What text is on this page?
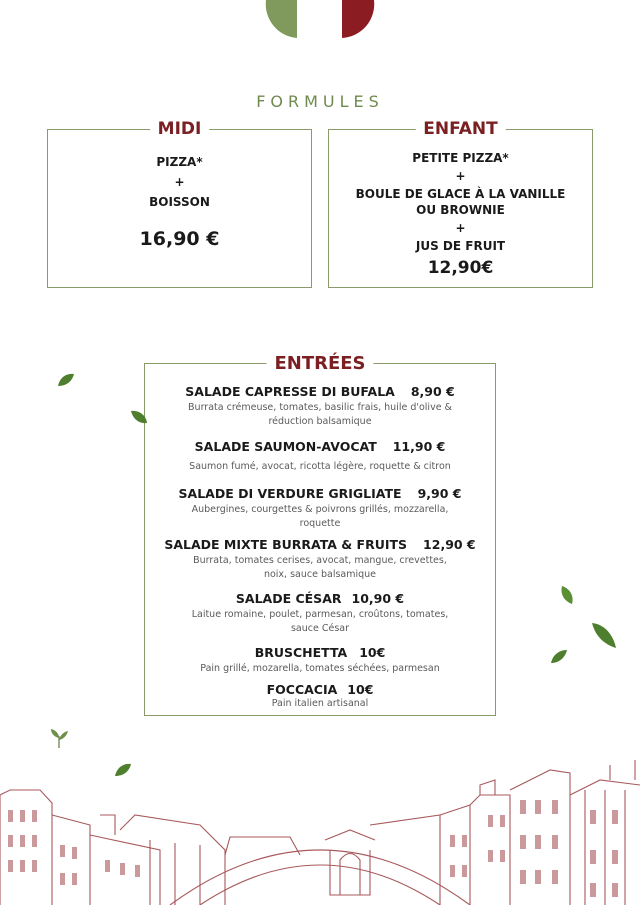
FORMULES
MIDI
PIZZA*
+
BOISSON
16,90 €
ENFANT
PETITE PIZZA*
+
BOULE DE GLACE À LA VANILLE OU BROWNIE
+
JUS DE FRUIT
12,90€
ENTRÉES
SALADE CAPRESSE DI BUFALA 8,90 €
Burrata crémeuse, tomates, basilic frais, huile d'olive & réduction balsamique
SALADE SAUMON-AVOCAT 11,90 €
Saumon fumé, avocat, ricotta légère, roquette & citron
SALADE DI VERDURE GRIGLIATE 9,90 €
Aubergines, courgettes & poivrons grillés, mozzarella, roquette
SALADE MIXTE BURRATA & FRUITS 12,90 €
Burrata, tomates cerises, avocat, mangue, crevettes, noix, sauce balsamique
SALADE CÉSAR 10,90 €
Laitue romaine, poulet, parmesan, croûtons, tomates, sauce César
BRUSCHETTA 10€
Pain grillé, mozarella, tomates séchées, parmesan
FOCCACIA 10€
Pain italien artisanal
